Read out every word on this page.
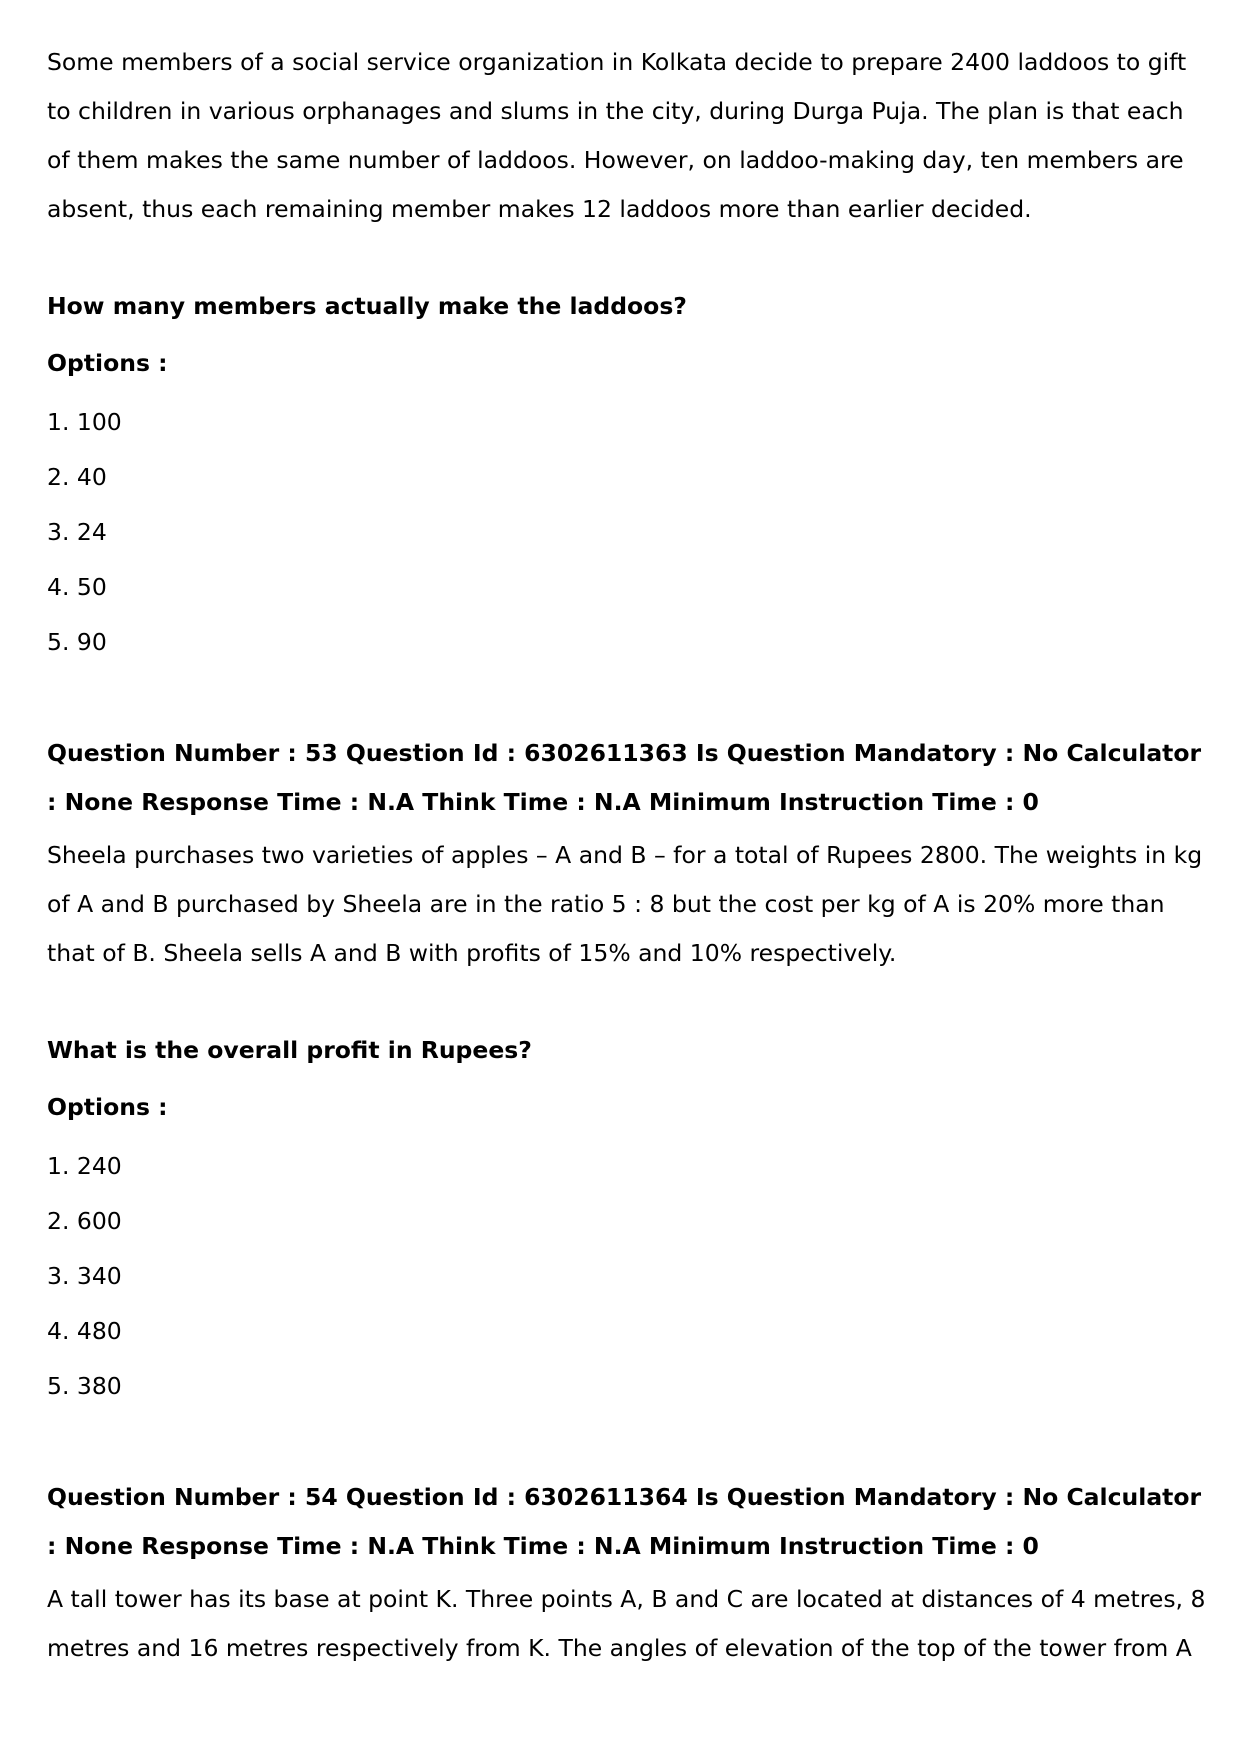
Some members of a social service organization in Kolkata decide to prepare 2400 laddoos to gift to children in various orphanages and slums in the city, during Durga Puja. The plan is that each of them makes the same number of laddoos. However, on laddoo-making day, ten members are absent, thus each remaining member makes 12 laddoos more than earlier decided.

How many members actually make the laddoos?

Options :

1. 100

2. 40

3. 24

4. 50

5. 90

Question Number : 53 Question Id : 6302611363 Is Question Mandatory : No Calculator : None Response Time : N.A Think Time : N.A Minimum Instruction Time : 0

Sheela purchases two varieties of apples – A and B – for a total of Rupees 2800. The weights in kg of A and B purchased by Sheela are in the ratio 5 : 8 but the cost per kg of A is 20% more than that of B. Sheela sells A and B with profits of 15% and 10% respectively.

What is the overall profit in Rupees?

Options :

1. 240

2. 600

3. 340

4. 480

5. 380

Question Number : 54 Question Id : 6302611364 Is Question Mandatory : No Calculator : None Response Time : N.A Think Time : N.A Minimum Instruction Time : 0

A tall tower has its base at point K. Three points A, B and C are located at distances of 4 metres, 8 metres and 16 metres respectively from K. The angles of elevation of the top of the tower from A
